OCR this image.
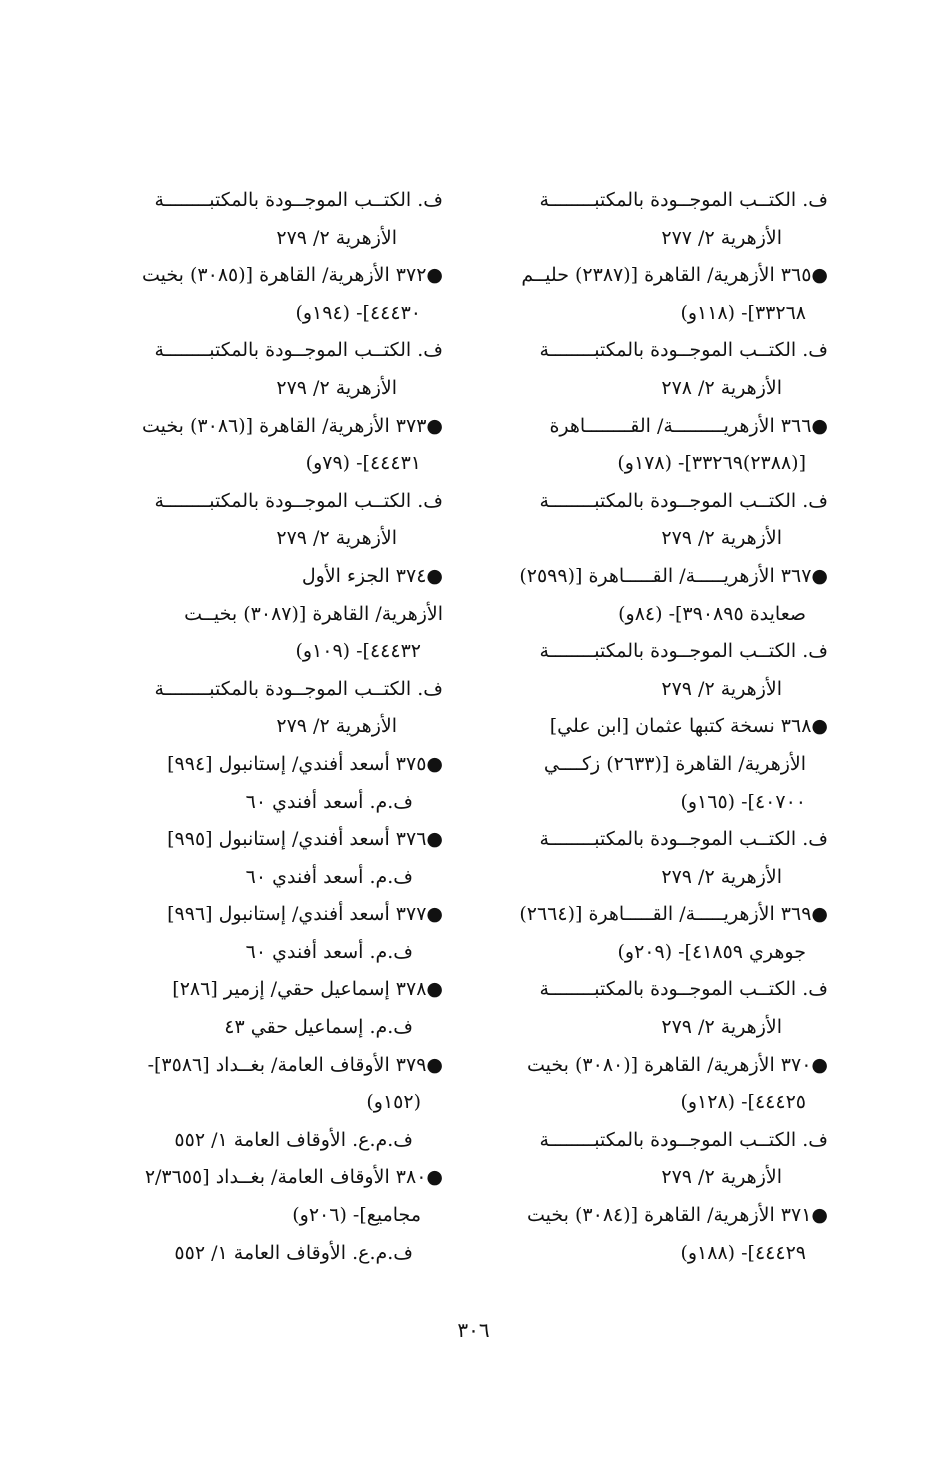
ف. الكتــب الموجــودة بالمكتبــــــــة
الأزهرية ٢/ ٢٧٧
●٣٦٥ الأزهرية/ القاهرة [(٢٣٨٧) حليــم
٣٣٢٦٨]- (١١٨و)
ف. الكتــب الموجــودة بالمكتبــــــــة
الأزهرية ٢/ ٢٧٨
●٣٦٦ الأزهريـــــــــة/ القــــــــاهرة
[(٢٣٨٨)٣٣٢٦٩]- (١٧٨و)
ف. الكتــب الموجــودة بالمكتبــــــــة
الأزهرية ٢/ ٢٧٩
●٣٦٧ الأزهريـــــة/ القـــــاهرة [(٢٥٩٩)
صعايدة ٣٩٠٨٩٥]- (٨٤و)
ف. الكتــب الموجــودة بالمكتبــــــــة
الأزهرية ٢/ ٢٧٩
●٣٦٨ نسخة كتبها عثمان [ابن علي]
الأزهرية/ القاهرة [(٢٦٣٣) زكــــي
٤٠٧٠٠]- (١٦٥و)
ف. الكتــب الموجــودة بالمكتبــــــــة
الأزهرية ٢/ ٢٧٩
●٣٦٩ الأزهريـــــة/ القـــــاهرة [(٢٦٦٤)
جوهري ٤١٨٥٩]- (٢٠٩و)
ف. الكتــب الموجــودة بالمكتبــــــــة
الأزهرية ٢/ ٢٧٩
●٣٧٠ الأزهرية/ القاهرة [(٣٠٨٠) بخيت
٤٤٤٢٥]- (١٢٨و)
ف. الكتــب الموجــودة بالمكتبــــــــة
الأزهرية ٢/ ٢٧٩
●٣٧١ الأزهرية/ القاهرة [(٣٠٨٤) بخيت
٤٤٤٢٩]- (١٨٨و)
ف. الكتــب الموجــودة بالمكتبــــــــة
الأزهرية ٢/ ٢٧٩
●٣٧٢ الأزهرية/ القاهرة [(٣٠٨٥) بخيت
٤٤٤٣٠]- (١٩٤و)
ف. الكتــب الموجــودة بالمكتبــــــــة
الأزهرية ٢/ ٢٧٩
●٣٧٣ الأزهرية/ القاهرة [(٣٠٨٦) بخيت
٤٤٤٣١]- (٧٩و)
ف. الكتــب الموجــودة بالمكتبــــــــة
الأزهرية ٢/ ٢٧٩
●٣٧٤ الجزء الأول
الأزهرية/ القاهرة [(٣٠٨٧) بخيــت
٤٤٤٣٢]- (١٠٩و)
ف. الكتــب الموجــودة بالمكتبــــــــة
الأزهرية ٢/ ٢٧٩
●٣٧٥ أسعد أفندي/ إستانبول [٩٩٤]
ف.م. أسعد أفندي ٦٠
●٣٧٦ أسعد أفندي/ إستانبول [٩٩٥]
ف.م. أسعد أفندي ٦٠
●٣٧٧ أسعد أفندي/ إستانبول [٩٩٦]
ف.م. أسعد أفندي ٦٠
●٣٧٨ إسماعيل حقي/ إزمير [٢٨٦]
ف.م. إسماعيل حقي ٤٣
●٣٧٩ الأوقاف العامة/ بغــداد [٣٥٨٦]-
(١٥٢و)
ف.م.ع. الأوقاف العامة ١/ ٥٥٢
●٣٨٠ الأوقاف العامة/ بغــداد [٢/٣٦٥٥
مجاميع]- (٢٠٦و)
ف.م.ع. الأوقاف العامة ١/ ٥٥٢
٣٠٦
